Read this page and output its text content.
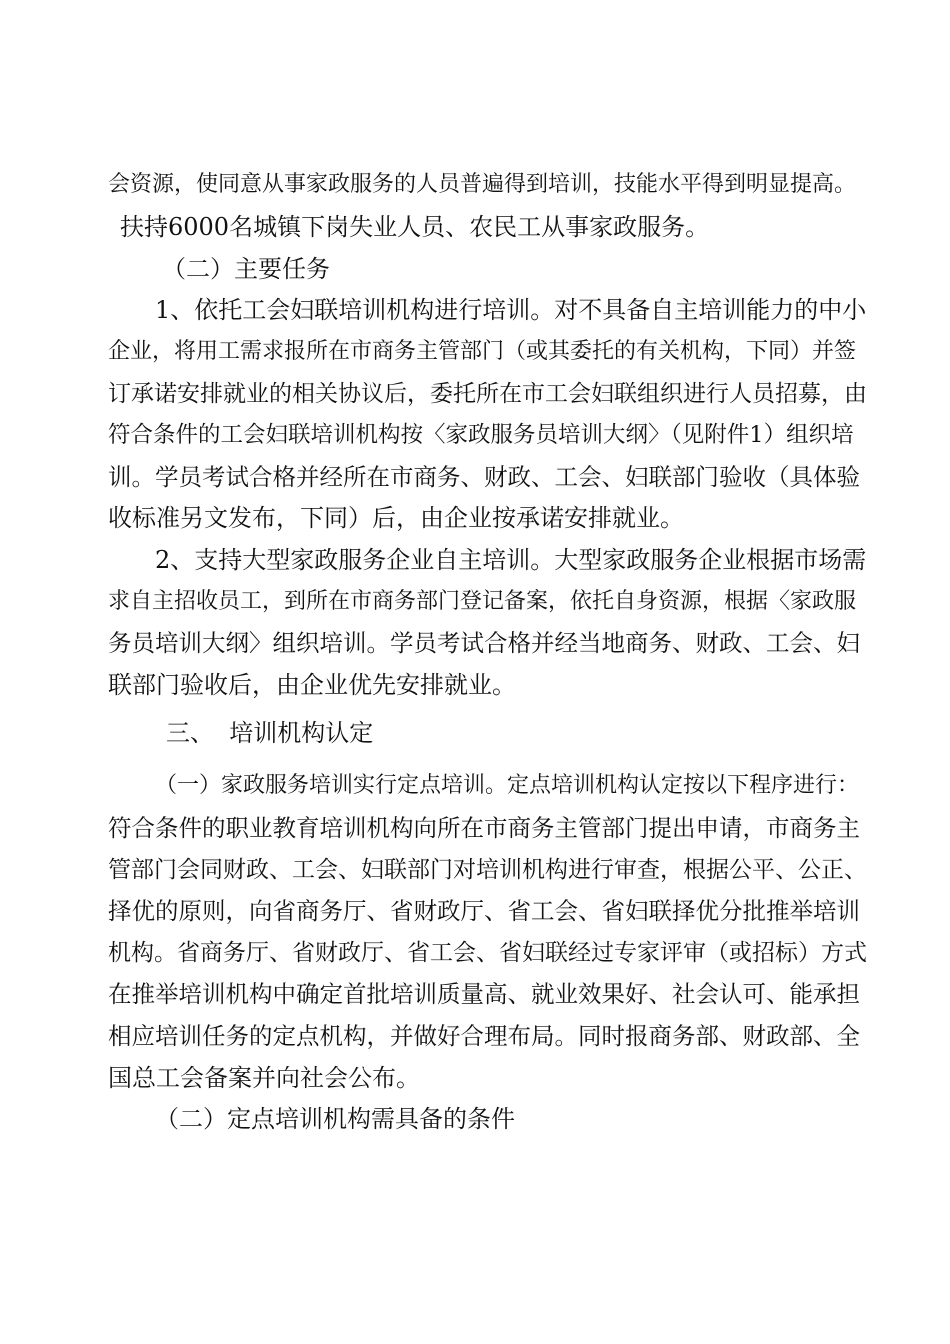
会资源，使同意从事家政服务的人员普遍得到培训，技能水平得到明显提高。
扶持6000名城镇下岗失业人员、农民工从事家政服务。
（二）主要任务
1、依托工会妇联培训机构进行培训。对不具备自主培训能力的中小
企业，将用工需求报所在市商务主管部门（或其委托的有关机构，下同）并签
订承诺安排就业的相关协议后，委托所在市工会妇联组织进行人员招募，由
符合条件的工会妇联培训机构按〈家政服务员培训大纲〉（见附件1）组织培
训。学员考试合格并经所在市商务、财政、工会、妇联部门验收（具体验
收标准另文发布，下同）后，由企业按承诺安排就业。
2、支持大型家政服务企业自主培训。大型家政服务企业根据市场需
求自主招收员工，到所在市商务部门登记备案，依托自身资源，根据〈家政服
务员培训大纲〉组织培训。学员考试合格并经当地商务、财政、工会、妇
联部门验收后，由企业优先安排就业。
三、  培训机构认定
（一）家政服务培训实行定点培训。定点培训机构认定按以下程序进行：
符合条件的职业教育培训机构向所在市商务主管部门提出申请，市商务主
管部门会同财政、工会、妇联部门对培训机构进行审查，根据公平、公正、
择优的原则，向省商务厅、省财政厅、省工会、省妇联择优分批推举培训
机构。省商务厅、省财政厅、省工会、省妇联经过专家评审（或招标）方式
在推举培训机构中确定首批培训质量高、就业效果好、社会认可、能承担
相应培训任务的定点机构，并做好合理布局。同时报商务部、财政部、全
国总工会备案并向社会公布。
（二）定点培训机构需具备的条件
